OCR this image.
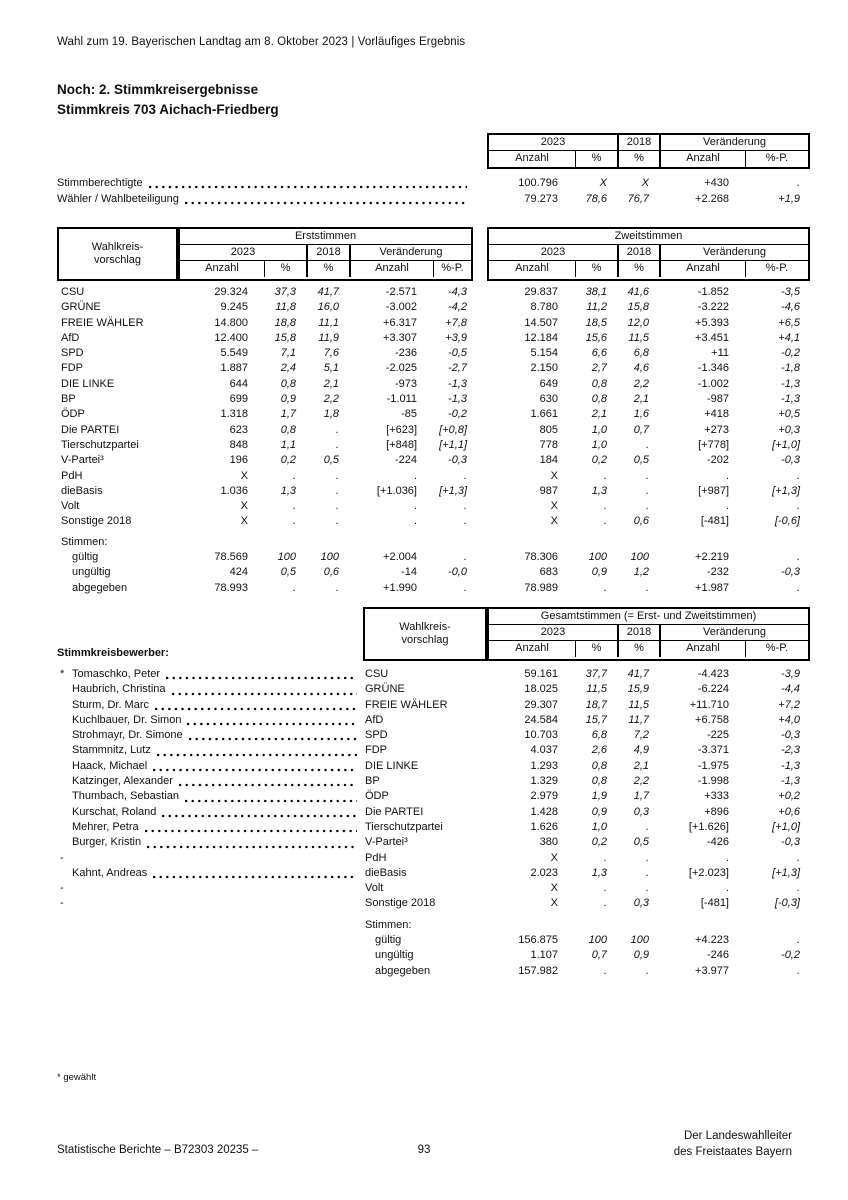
Wahl zum 19. Bayerischen Landtag am 8. Oktober 2023 | Vorläufiges Ergebnis
Noch: 2. Stimmkreisergebnisse
Stimmkreis 703 Aichach-Friedberg
2023	2018	Veränderung
Anzahl	%	%	Anzahl	%-P.
Stimmberechtigte	100.796	X	X	+430	.
Wähler / Wahlbeteiligung	79.273	78,6	76,7	+2.268	+1,9
Wahlkreis-
vorschlag
Erststimmen
2023	2018	Veränderung
Anzahl	%	%	Anzahl	%-P.
Zweitstimmen
2023	2018	Veränderung
Anzahl	%	%	Anzahl	%-P.
CSU	29.324	37,3	41,7	-2.571	-4,3	29.837	38,1	41,6	-1.852	-3,5
GRÜNE	9.245	11,8	16,0	-3.002	-4,2	8.780	11,2	15,8	-3.222	-4,6
FREIE WÄHLER	14.800	18,8	11,1	+6.317	+7,8	14.507	18,5	12,0	+5.393	+6,5
AfD	12.400	15,8	11,9	+3.307	+3,9	12.184	15,6	11,5	+3.451	+4,1
SPD	5.549	7,1	7,6	-236	-0,5	5.154	6,6	6,8	+11	-0,2
FDP	1.887	2,4	5,1	-2.025	-2,7	2.150	2,7	4,6	-1.346	-1,8
DIE LINKE	644	0,8	2,1	-973	-1,3	649	0,8	2,2	-1.002	-1,3
BP	699	0,9	2,2	-1.011	-1,3	630	0,8	2,1	-987	-1,3
ÖDP	1.318	1,7	1,8	-85	-0,2	1.661	2,1	1,6	+418	+0,5
Die PARTEI	623	0,8	.	[+623]	[+0,8]	805	1,0	0,7	+273	+0,3
Tierschutzpartei	848	1,1	.	[+848]	[+1,1]	778	1,0	.	[+778]	[+1,0]
V-Partei³	196	0,2	0,5	-224	-0,3	184	0,2	0,5	-202	-0,3
PdH	X	.	.	.	.	X	.	.	.	.
dieBasis	1.036	1,3	.	[+1.036]	[+1,3]	987	1,3	.	[+987]	[+1,3]
Volt	X	.	.	.	.	X	.	.	.	.
Sonstige 2018	X	.	.	.	.	X	.	0,6	[-481]	[-0,6]
Stimmen:
gültig	78.569	100	100	+2.004	.	78.306	100	100	+2.219	.
ungültig	424	0,5	0,6	-14	-0,0	683	0,9	1,2	-232	-0,3
abgegeben	78.993	.	.	+1.990	.	78.989	.	.	+1.987	.
Wahlkreis-
vorschlag
Gesamtstimmen (= Erst- und Zweitstimmen)
2023	2018	Veränderung
Anzahl	%	%	Anzahl	%-P.
Stimmkreisbewerber:
* Tomaschko, Peter	CSU	59.161	37,7	41,7	-4.423	-3,9
Haubrich, Christina	GRÜNE	18.025	11,5	15,9	-6.224	-4,4
Sturm, Dr. Marc	FREIE WÄHLER	29.307	18,7	11,5	+11.710	+7,2
Kuchlbauer, Dr. Simon	AfD	24.584	15,7	11,7	+6.758	+4,0
Strohmayr, Dr. Simone	SPD	10.703	6,8	7,2	-225	-0,3
Stammnitz, Lutz	FDP	4.037	2,6	4,9	-3.371	-2,3
Haack, Michael	DIE LINKE	1.293	0,8	2,1	-1.975	-1,3
Katzinger, Alexander	BP	1.329	0,8	2,2	-1.998	-1,3
Thumbach, Sebastian	ÖDP	2.979	1,9	1,7	+333	+0,2
Kurschat, Roland	Die PARTEI	1.428	0,9	0,3	+896	+0,6
Mehrer, Petra	Tierschutzpartei	1.626	1,0	.	[+1.626]	[+1,0]
Burger, Kristin	V-Partei³	380	0,2	0,5	-426	-0,3
-	PdH	X	.	.	.	.
Kahnt, Andreas	dieBasis	2.023	1,3	.	[+2.023]	[+1,3]
-	Volt	X	.	.	.	.
-	Sonstige 2018	X	.	0,3	[-481]	[-0,3]
Stimmen:
gültig	156.875	100	100	+4.223	.
ungültig	1.107	0,7	0,9	-246	-0,2
abgegeben	157.982	.	.	+3.977	.
* gewählt
Statistische Berichte – B72303 20235 –	93
Der Landeswahlleiter
des Freistaates Bayern
